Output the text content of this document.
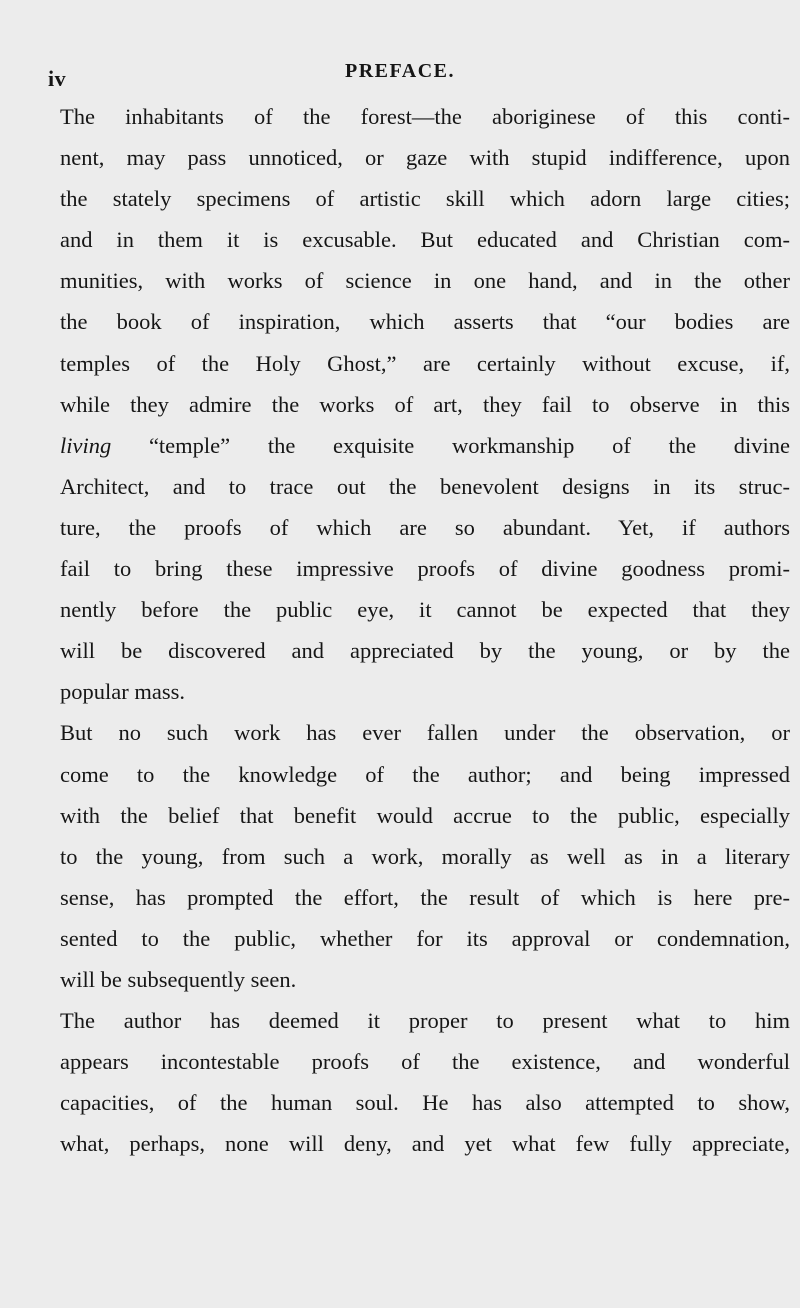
iv	PREFACE.
The inhabitants of the forest—the aboriginese of this conti-
nent, may pass unnoticed, or gaze with stupid indifference, upon
the stately specimens of artistic skill which adorn large cities;
and in them it is excusable. But educated and Christian com-
munities, with works of science in one hand, and in the other
the book of inspiration, which asserts that “our bodies are
temples of the Holy Ghost,” are certainly without excuse, if,
while they admire the works of art, they fail to observe in this
living “temple” the exquisite workmanship of the divine
Architect, and to trace out the benevolent designs in its struc-
ture, the proofs of which are so abundant. Yet, if authors
fail to bring these impressive proofs of divine goodness promi-
nently before the public eye, it cannot be expected that they
will be discovered and appreciated by the young, or by the
popular mass.
But no such work has ever fallen under the observation, or
come to the knowledge of the author; and being impressed
with the belief that benefit would accrue to the public, especially
to the young, from such a work, morally as well as in a literary
sense, has prompted the effort, the result of which is here pre-
sented to the public, whether for its approval or condemnation,
will be subsequently seen.
The author has deemed it proper to present what to him
appears incontestable proofs of the existence, and wonderful
capacities, of the human soul. He has also attempted to show,
what, perhaps, none will deny, and yet what few fully appreciate,
